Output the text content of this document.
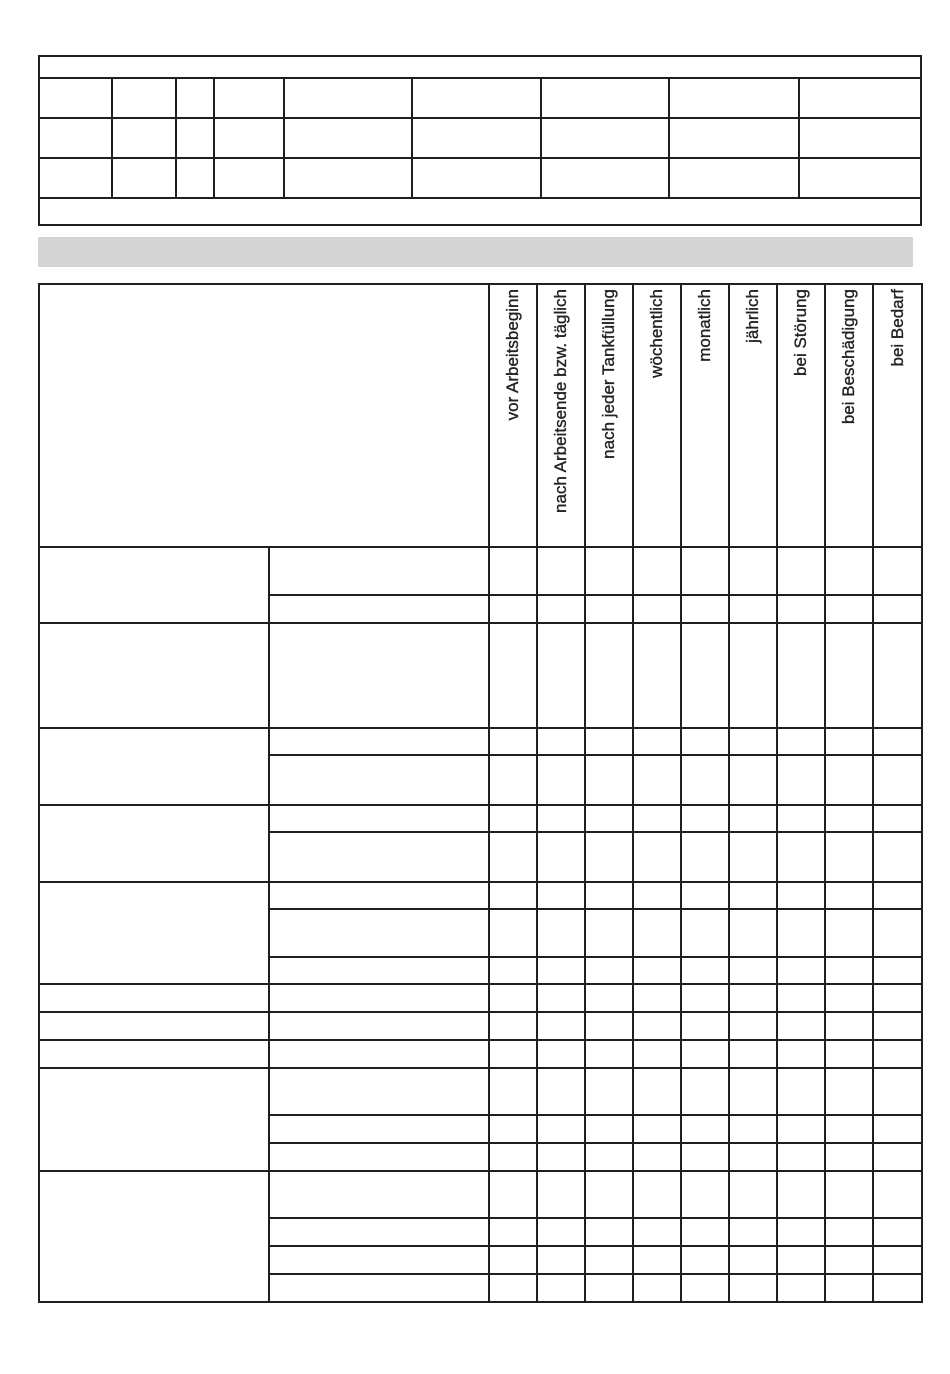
		vor Arbeitsbeginn	nach Arbeitsende bzw. täglich	nach jeder Tankfüllung	wöchentlich	monatlich	jährlich	bei Störung	bei Beschädigung	bei Bedarf
